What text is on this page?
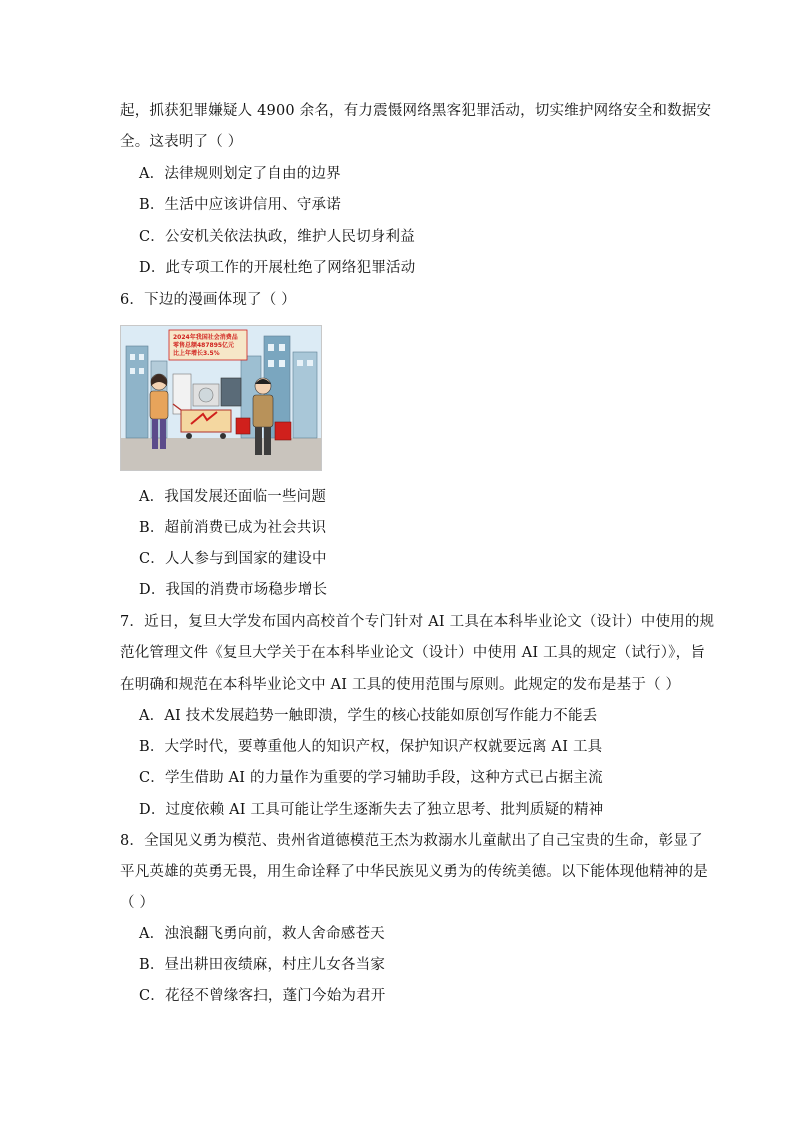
起，抓获犯罪嫌疑人 4900 余名，有力震慑网络黑客犯罪活动，切实维护网络安全和数据安
全。这表明了（ ）
A．法律规则划定了自由的边界
B．生活中应该讲信用、守承诺
C．公安机关依法执政，维护人民切身利益
D．此专项工作的开展杜绝了网络犯罪活动
6．下边的漫画体现了（ ）
2024年我国社会消费品
零售总额487895亿元
比上年增长3.5%
A．我国发展还面临一些问题
B．超前消费已成为社会共识
C．人人参与到国家的建设中
D．我国的消费市场稳步增长
7．近日，复旦大学发布国内高校首个专门针对 AI 工具在本科毕业论文（设计）中使用的规
范化管理文件《复旦大学关于在本科毕业论文（设计）中使用 AI 工具的规定（试行）》，旨
在明确和规范在本科毕业论文中 AI 工具的使用范围与原则。此规定的发布是基于（ ）
A．AI 技术发展趋势一触即溃，学生的核心技能如原创写作能力不能丢
B．大学时代，要尊重他人的知识产权，保护知识产权就要远离 AI 工具
C．学生借助 AI 的力量作为重要的学习辅助手段，这种方式已占据主流
D．过度依赖 AI 工具可能让学生逐渐失去了独立思考、批判质疑的精神
8．全国见义勇为模范、贵州省道德模范王杰为救溺水儿童献出了自己宝贵的生命，彰显了
平凡英雄的英勇无畏，用生命诠释了中华民族见义勇为的传统美德。以下能体现他精神的是
（ ）
A．浊浪翻飞勇向前，救人舍命感苍天
B．昼出耕田夜绩麻，村庄儿女各当家
C．花径不曾缘客扫，蓬门今始为君开
